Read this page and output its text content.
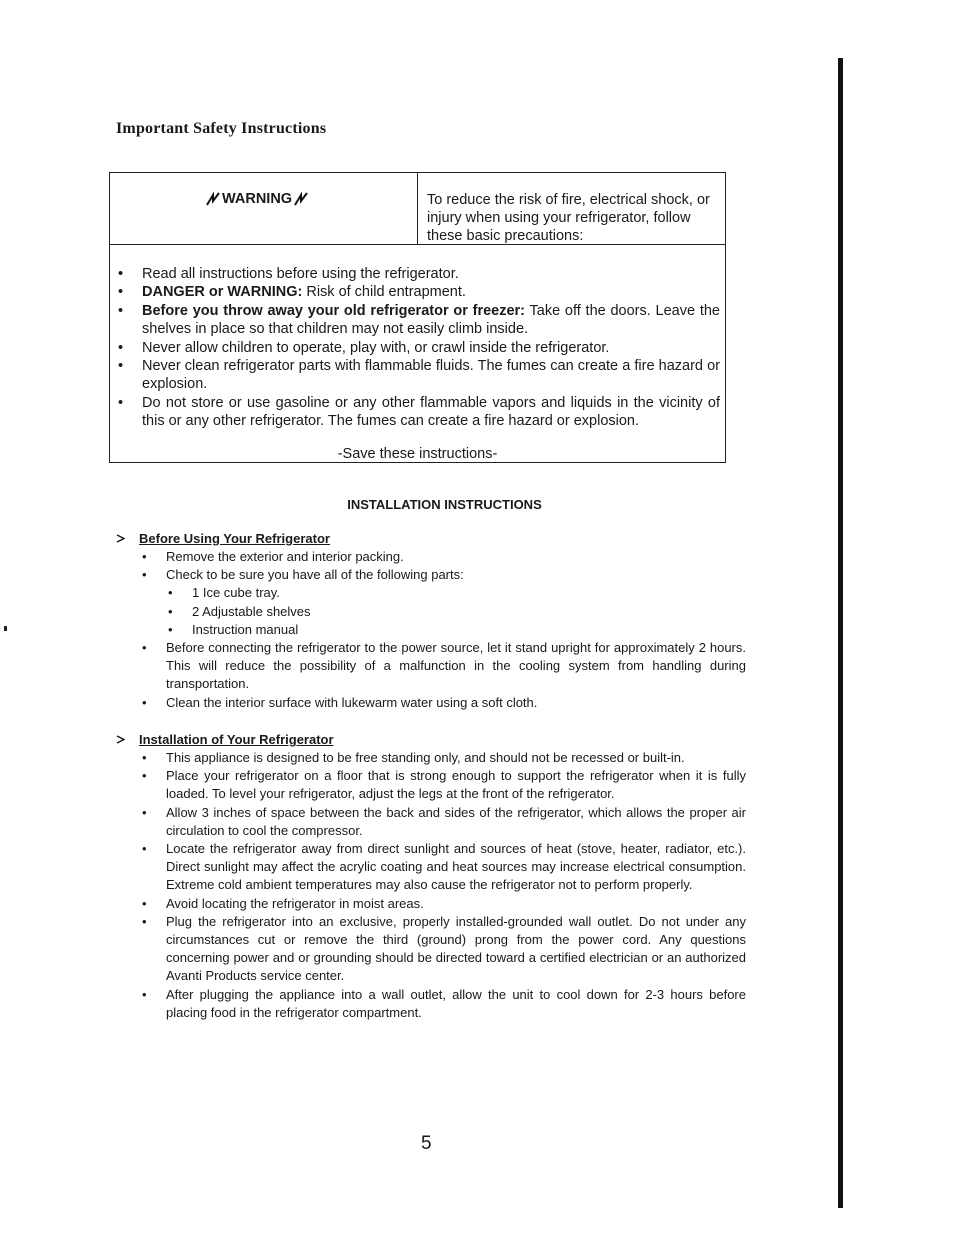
Important Safety Instructions
WARNING	To reduce the risk of fire, electrical shock, or injury when using your refrigerator, follow these basic precautions:
• Read all instructions before using the refrigerator.
• DANGER or WARNING: Risk of child entrapment.
• Before you throw away your old refrigerator or freezer: Take off the doors. Leave the shelves in place so that children may not easily climb inside.
• Never allow children to operate, play with, or crawl inside the refrigerator.
• Never clean refrigerator parts with flammable fluids. The fumes can create a fire hazard or explosion.
• Do not store or use gasoline or any other flammable vapors and liquids in the vicinity of this or any other refrigerator. The fumes can create a fire hazard or explosion.
-Save these instructions-
INSTALLATION INSTRUCTIONS
Before Using Your Refrigerator
• Remove the exterior and interior packing.
• Check to be sure you have all of the following parts:
• 1 Ice cube tray.
• 2 Adjustable shelves
• Instruction manual
• Before connecting the refrigerator to the power source, let it stand upright for approximately 2 hours. This will reduce the possibility of a malfunction in the cooling system from handling during transportation.
• Clean the interior surface with lukewarm water using a soft cloth.
Installation of Your Refrigerator
• This appliance is designed to be free standing only, and should not be recessed or built-in.
• Place your refrigerator on a floor that is strong enough to support the refrigerator when it is fully loaded. To level your refrigerator, adjust the legs at the front of the refrigerator.
• Allow 3 inches of space between the back and sides of the refrigerator, which allows the proper air circulation to cool the compressor.
• Locate the refrigerator away from direct sunlight and sources of heat (stove, heater, radiator, etc.). Direct sunlight may affect the acrylic coating and heat sources may increase electrical consumption. Extreme cold ambient temperatures may also cause the refrigerator not to perform properly.
• Avoid locating the refrigerator in moist areas.
• Plug the refrigerator into an exclusive, properly installed-grounded wall outlet. Do not under any circumstances cut or remove the third (ground) prong from the power cord. Any questions concerning power and or grounding should be directed toward a certified electrician or an authorized Avanti Products service center.
• After plugging the appliance into a wall outlet, allow the unit to cool down for 2-3 hours before placing food in the refrigerator compartment.
5
